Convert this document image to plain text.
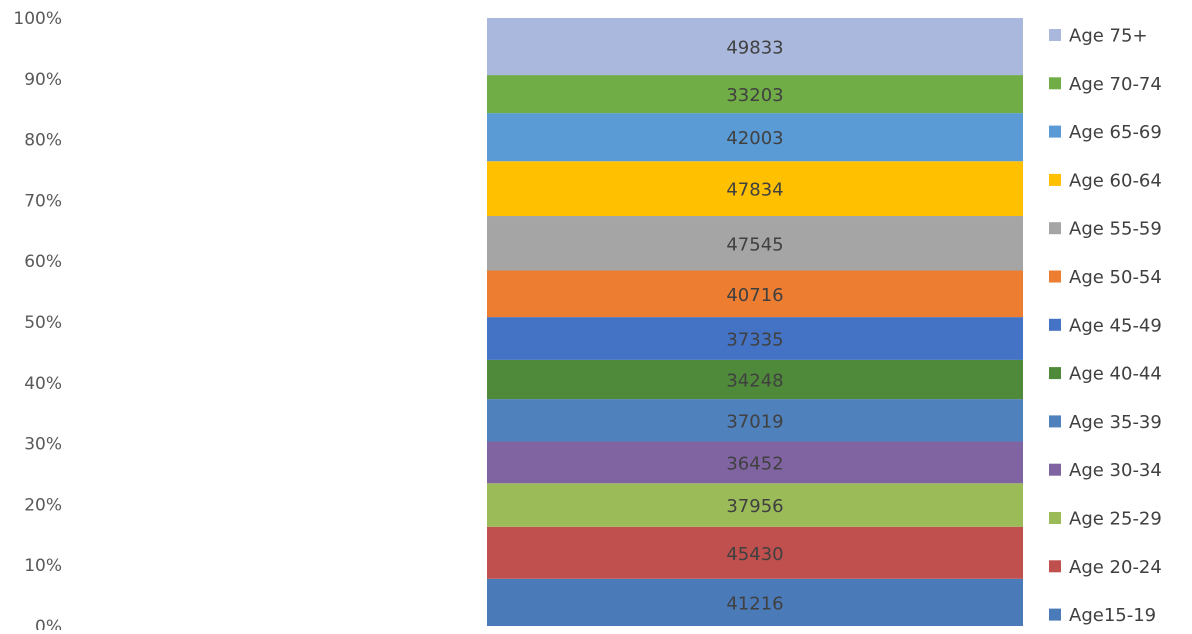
0%
10%
20%
30%
40%
50%
60%
70%
80%
90%
100%
41216
45430
37956
36452
37019
34248
37335
40716
47545
47834
42003
33203
49833
Age 75+
Age 70-74
Age 65-69
Age 60-64
Age 55-59
Age 50-54
Age 45-49
Age 40-44
Age 35-39
Age 30-34
Age 25-29
Age 20-24
Age15-19
